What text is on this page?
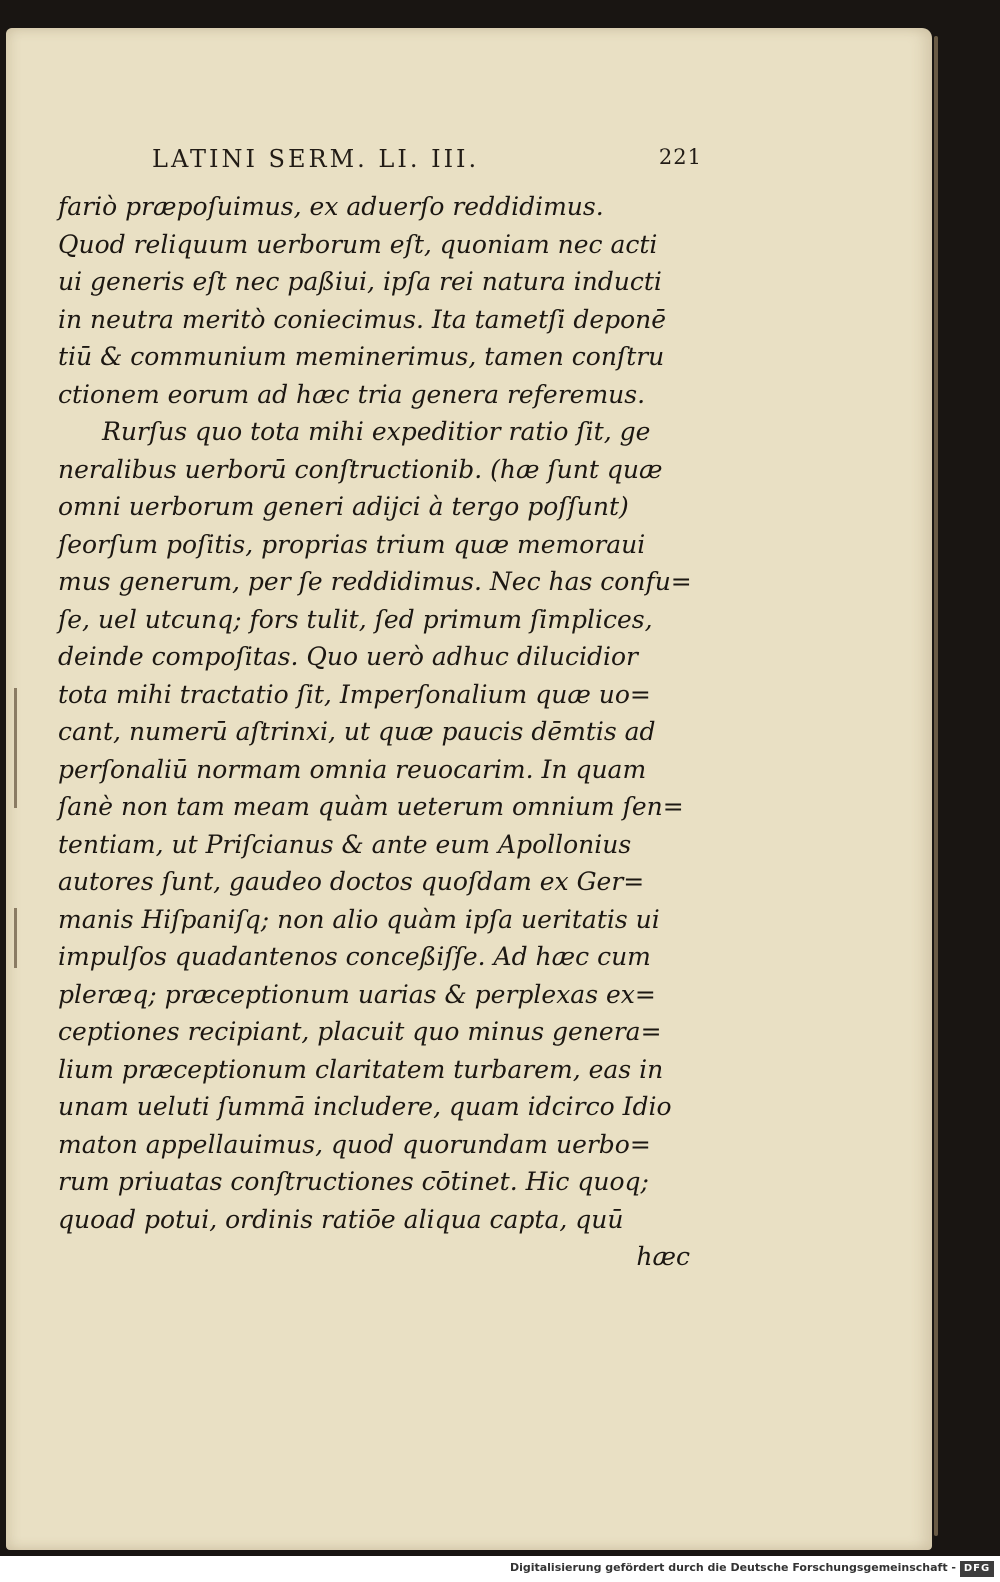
LATINI SERM. LI. III.	221
fariò præpoſuimus, ex aduerſo reddidimus.
Quod reliquum uerborum eſt, quoniam nec acti
ui generis eſt nec paßiui, ipſa rei natura inducti
in neutra meritò coniecimus. Ita tametſi deponē
tiū & communium meminerimus, tamen conſtru
ctionem eorum ad hæc tria genera referemus.
Rurſus quo tota mihi expeditior ratio ſit, ge
neralibus uerborū conſtructionib. (hæ ſunt quæ
omni uerborum generi adijci à tergo poſſunt)
ſeorſum poſitis, proprias trium quæ memoraui
mus generum, per ſe reddidimus. Nec has confu=
ſe, uel utcunq; fors tulit, ſed primum ſimplices,
deinde compoſitas. Quo uerò adhuc dilucidior
tota mihi tractatio ſit, Imperſonalium quæ uo=
cant, numerū aſtrinxi, ut quæ paucis dēmtis ad
perſonaliū normam omnia reuocarim. In quam
ſanè non tam meam quàm ueterum omnium ſen=
tentiam, ut Priſcianus & ante eum Apollonius
autores ſunt, gaudeo doctos quoſdam ex Ger=
manis Hiſpaniſq; non alio quàm ipſa ueritatis ui
impulſos quadantenos conceßiſſe. Ad hæc cum
pleræq; præceptionum uarias & perplexas ex=
ceptiones recipiant, placuit quo minus genera=
lium præceptionum claritatem turbarem, eas in
unam ueluti ſummā includere, quam idcirco Idio
maton appellauimus, quod quorundam uerbo=
rum priuatas conſtructiones cōtinet. Hic quoq;
quoad potui, ordinis ratiōe aliqua capta, quū
hæc
Digitalisierung gefördert durch die Deutsche Forschungsgemeinschaft - DFG
